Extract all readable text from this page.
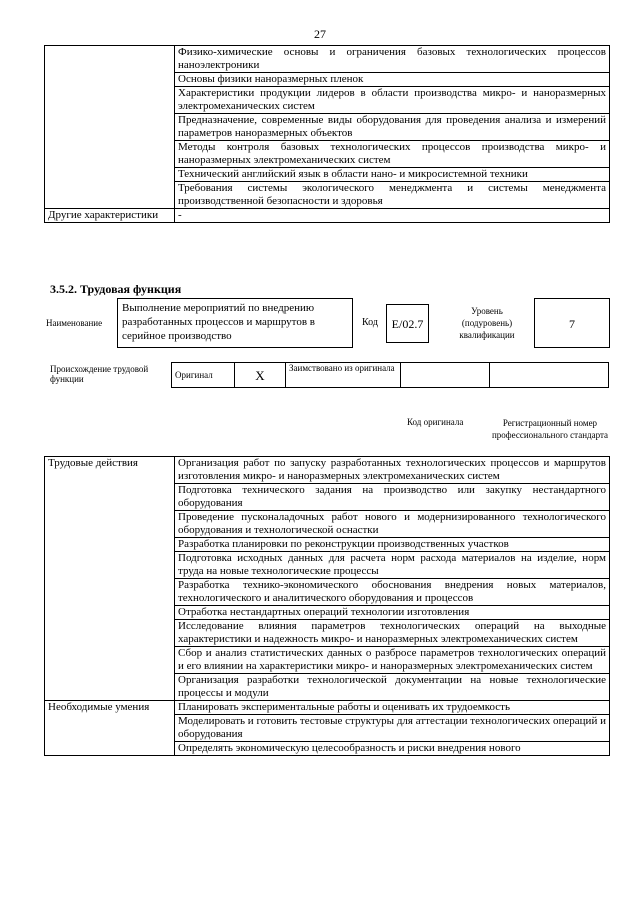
27
	Физико-химические основы и ограничения базовых технологических процессов наноэлектроники
	Основы физики наноразмерных пленок
	Характеристики продукции лидеров в области производства микро- и наноразмерных электромеханических систем
	Предназначение, современные виды оборудования для проведения анализа и измерений параметров наноразмерных объектов
	Методы контроля базовых технологических процессов производства микро- и наноразмерных электромеханических систем
	Технический английский язык в области нано- и микросистемной техники
	Требования системы экологического менеджмента и системы менеджмента производственной безопасности и здоровья
Другие характеристики	-
3.5.2. Трудовая функция
Наименование
Выполнение мероприятий по внедрению разработанных процессов и маршрутов в серийное производство
Код	E/02.7
Уровень (подуровень) квалификации
7
Происхождение трудовой функции	Оригинал	X	Заимствовано из оригинала		
Код оригинала	Регистрационный номер профессионального стандарта
Трудовые действия	Организация работ по запуску разработанных технологических процессов и маршрутов изготовления микро- и наноразмерных электромеханических систем
	Подготовка технического задания на производство или закупку нестандартного оборудования
	Проведение пусконаладочных работ нового и модернизированного технологического оборудования и технологической оснастки
	Разработка планировки по реконструкции производственных участков
	Подготовка исходных данных для расчета норм расхода материалов на изделие, норм труда на новые технологические процессы
	Разработка технико-экономического обоснования внедрения новых материалов, технологического и аналитического оборудования и процессов
	Отработка нестандартных операций технологии изготовления
	Исследование влияния параметров технологических операций на выходные характеристики и надежность микро- и наноразмерных электромеханических систем
	Сбор и анализ статистических данных о разбросе параметров технологических операций и его влиянии на характеристики микро- и наноразмерных электромеханических систем
	Организация разработки технологической документации на новые технологические процессы и модули
Необходимые умения	Планировать экспериментальные работы и оценивать их трудоемкость
	Моделировать и готовить тестовые структуры для аттестации технологических операций и оборудования
	Определять экономическую целесообразность и риски внедрения нового
